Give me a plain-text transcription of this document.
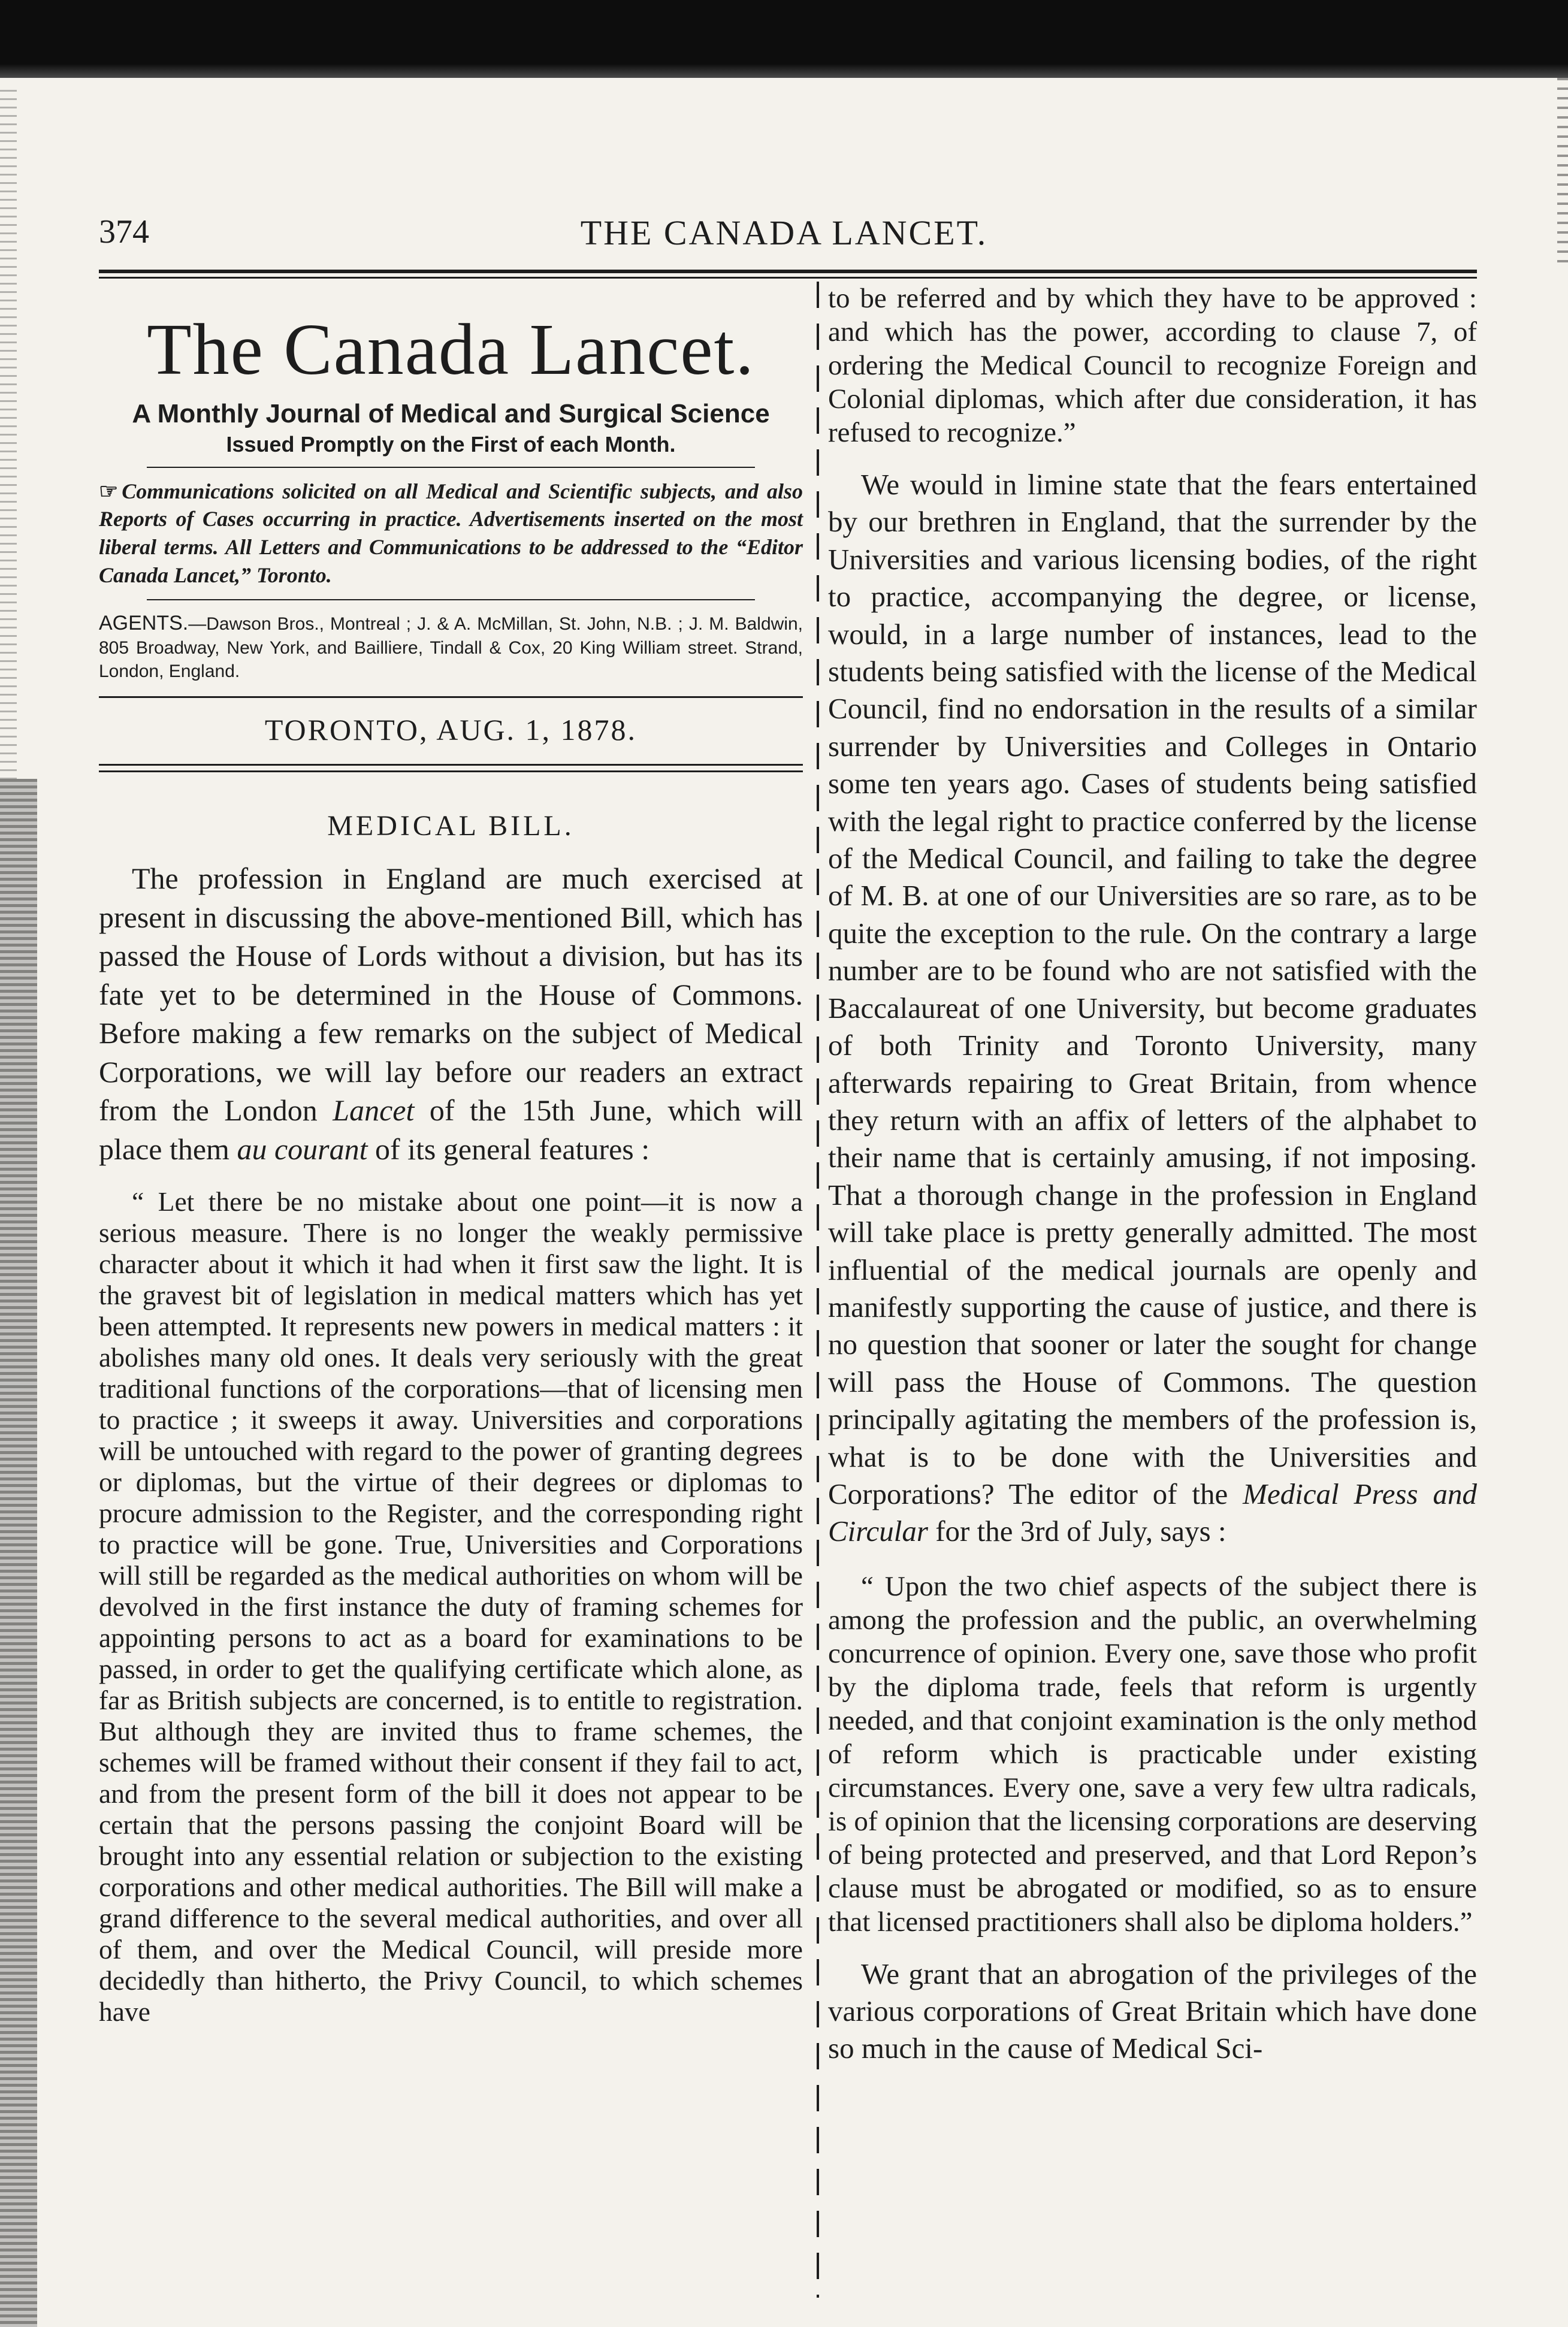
374	THE CANADA LANCET.
The Canada Lancet.
A Monthly Journal of Medical and Surgical Science
Issued Promptly on the First of each Month.
☞ Communications solicited on all Medical and Scientific subjects, and also Reports of Cases occurring in practice. Advertisements inserted on the most liberal terms. All Letters and Communications to be addressed to the “Editor Canada Lancet,” Toronto.
AGENTS.—Dawson Bros., Montreal ; J. & A. McMillan, St. John, N.B. ; J. M. Baldwin, 805 Broadway, New York, and Bailliere, Tindall & Cox, 20 King William street. Strand, London, England.
TORONTO, AUG. 1, 1878.
MEDICAL BILL.

The profession in England are much exercised at present in discussing the above-mentioned Bill, which has passed the House of Lords without a division, but has its fate yet to be determined in the House of Commons. Before making a few remarks on the subject of Medical Corporations, we will lay before our readers an extract from the London Lancet of the 15th June, which will place them au courant of its general features :

“ Let there be no mistake about one point—it is now a serious measure. There is no longer the weakly permissive character about it which it had when it first saw the light. It is the gravest bit of legislation in medical matters which has yet been attempted. It represents new powers in medical matters : it abolishes many old ones. It deals very seriously with the great traditional functions of the corporations—that of licensing men to practice ; it sweeps it away. Universities and corporations will be untouched with regard to the power of granting degrees or diplomas, but the virtue of their degrees or diplomas to procure admission to the Register, and the corresponding right to practice will be gone. True, Universities and Corporations will still be regarded as the medical authorities on whom will be devolved in the first instance the duty of framing schemes for appointing persons to act as a board for examinations to be passed, in order to get the qualifying certificate which alone, as far as British subjects are concerned, is to entitle to registration. But although they are invited thus to frame schemes, the schemes will be framed without their consent if they fail to act, and from the present form of the bill it does not appear to be certain that the persons passing the conjoint Board will be brought into any essential relation or subjection to the existing corporations and other medical authorities. The Bill will make a grand difference to the several medical authorities, and over all of them, and over the Medical Council, will preside more decidedly than hitherto, the Privy Council, to which schemes have

to be referred and by which they have to be approved : and which has the power, according to clause 7, of ordering the Medical Council to recognize Foreign and Colonial diplomas, which after due consideration, it has refused to recognize.”

We would in limine state that the fears entertained by our brethren in England, that the surrender by the Universities and various licensing bodies, of the right to practice, accompanying the degree, or license, would, in a large number of instances, lead to the students being satisfied with the license of the Medical Council, find no endorsation in the results of a similar surrender by Universities and Colleges in Ontario some ten years ago. Cases of students being satisfied with the legal right to practice conferred by the license of the Medical Council, and failing to take the degree of M. B. at one of our Universities are so rare, as to be quite the exception to the rule. On the contrary a large number are to be found who are not satisfied with the Baccalaureat of one University, but become graduates of both Trinity and Toronto University, many afterwards repairing to Great Britain, from whence they return with an affix of letters of the alphabet to their name that is certainly amusing, if not imposing. That a thorough change in the profession in England will take place is pretty generally admitted. The most influential of the medical journals are openly and manifestly supporting the cause of justice, and there is no question that sooner or later the sought for change will pass the House of Commons. The question principally agitating the members of the profession is, what is to be done with the Universities and Corporations? The editor of the Medical Press and Circular for the 3rd of July, says :

“ Upon the two chief aspects of the subject there is among the profession and the public, an overwhelming concurrence of opinion. Every one, save those who profit by the diploma trade, feels that reform is urgently needed, and that conjoint examination is the only method of reform which is practicable under existing circumstances. Every one, save a very few ultra radicals, is of opinion that the licensing corporations are deserving of being protected and preserved, and that Lord Repon’s clause must be abrogated or modified, so as to ensure that licensed practitioners shall also be diploma holders.”

We grant that an abrogation of the privileges of the various corporations of Great Britain which have done so much in the cause of Medical Sci-
